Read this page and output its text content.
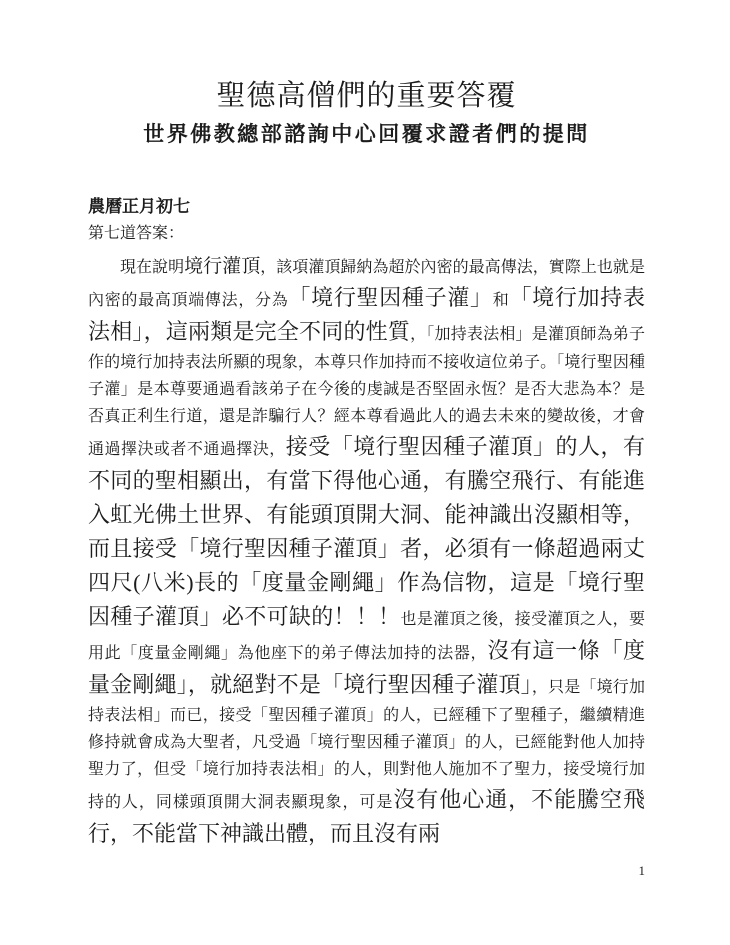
聖德高僧們的重要答覆
世界佛教總部諮詢中心回覆求證者們的提問
農曆正月初七
第七道答案：

現在說明境行灌頂，該項灌頂歸納為超於內密的最高傳法，實際上也就是內密的最高頂端傳法，分為「境行聖因種子灌」和「境行加持表法相」，這兩類是完全不同的性質，「加持表法相」是灌頂師為弟子作的境行加持表法所顯的現象，本尊只作加持而不接收這位弟子。「境行聖因種子灌」是本尊要通過看該弟子在今後的虔誠是否堅固永恆？是否大悲為本？是否真正利生行道，還是詐騙行人？經本尊看過此人的過去未來的變故後，才會通過擇決或者不通過擇決，接受「境行聖因種子灌頂」的人，有不同的聖相顯出，有當下得他心通，有騰空飛行、有能進入虹光佛土世界、有能頭頂開大洞、能神識出沒顯相等，而且接受「境行聖因種子灌頂」者，必須有一條超過兩丈四尺(八米)長的「度量金剛繩」作為信物，這是「境行聖因種子灌頂」必不可缺的！！！也是灌頂之後，接受灌頂之人，要用此「度量金剛繩」為他座下的弟子傳法加持的法器，沒有這一條「度量金剛繩」，就絕對不是「境行聖因種子灌頂」，只是「境行加持表法相」而已，接受「聖因種子灌頂」的人，已經種下了聖種子，繼續精進修持就會成為大聖者，凡受過「境行聖因種子灌頂」的人，已經能對他人加持聖力了，但受「境行加持表法相」的人，則對他人施加不了聖力，接受境行加持的人，同樣頭頂開大洞表顯現象，可是沒有他心通，不能騰空飛行，不能當下神識出體，而且沒有兩

1
